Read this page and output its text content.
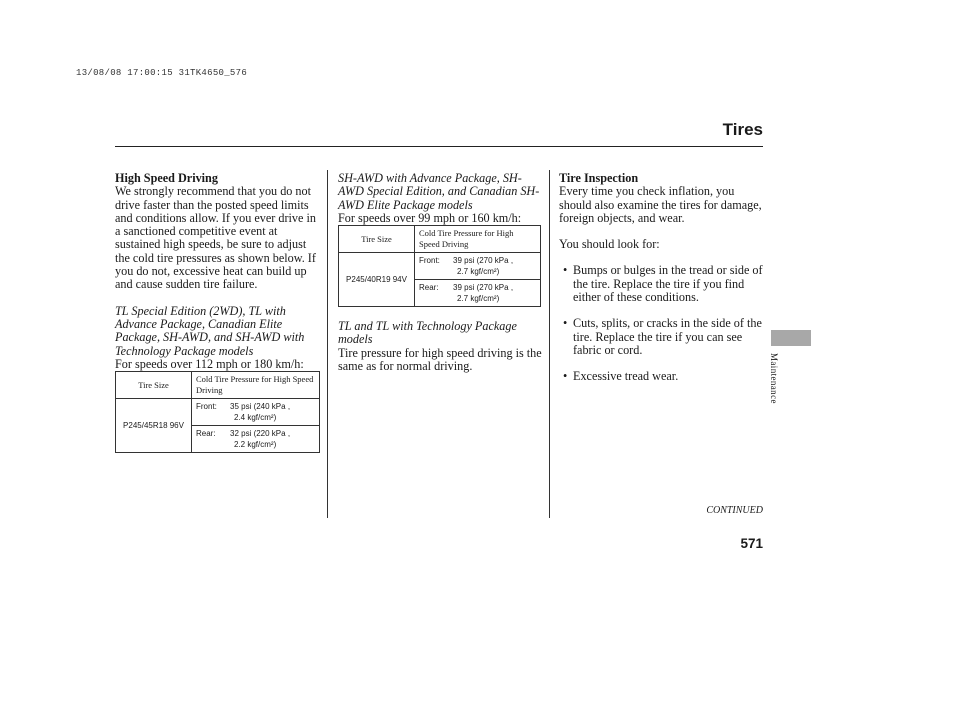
13/08/08 17:00:15 31TK4650_576
Tires

High Speed Driving

We strongly recommend that you do not drive faster than the posted speed limits and conditions allow. If you ever drive in a sanctioned competitive event at sustained high speeds, be sure to adjust the cold tire pressures as shown below. If you do not, excessive heat can build up and cause sudden tire failure.

TL Special Edition (2WD), TL with Advance Package, Canadian Elite Package, SH-AWD, and SH-AWD with Technology Package models

For speeds over 112 mph or 180 km/h:

Tire Size	Cold Tire Pressure for High Speed Driving
P245/45R18 96V	Front: 35 psi (240 kPa ,
2.4 kgf/cm²)

	Rear: 32 psi (220 kPa ,
2.2 kgf/cm²)

SH-AWD with Advance Package, SH-AWD Special Edition, and Canadian SH-AWD Elite Package models

For speeds over 99 mph or 160 km/h:

Tire Size	Cold Tire Pressure for High Speed Driving
P245/40R19 94V	Front: 39 psi (270 kPa ,
2.7 kgf/cm²)

	Rear: 39 psi (270 kPa ,
2.7 kgf/cm²)

TL and TL with Technology Package models

Tire pressure for high speed driving is the same as for normal driving.

Tire Inspection

Every time you check inflation, you should also examine the tires for damage, foreign objects, and wear.

You should look for:

• Bumps or bulges in the tread or side of the tire. Replace the tire if you find either of these conditions.

• Cuts, splits, or cracks in the side of the tire. Replace the tire if you can see fabric or cord.

• Excessive tread wear.	Maintenance
CONTINUED
571
